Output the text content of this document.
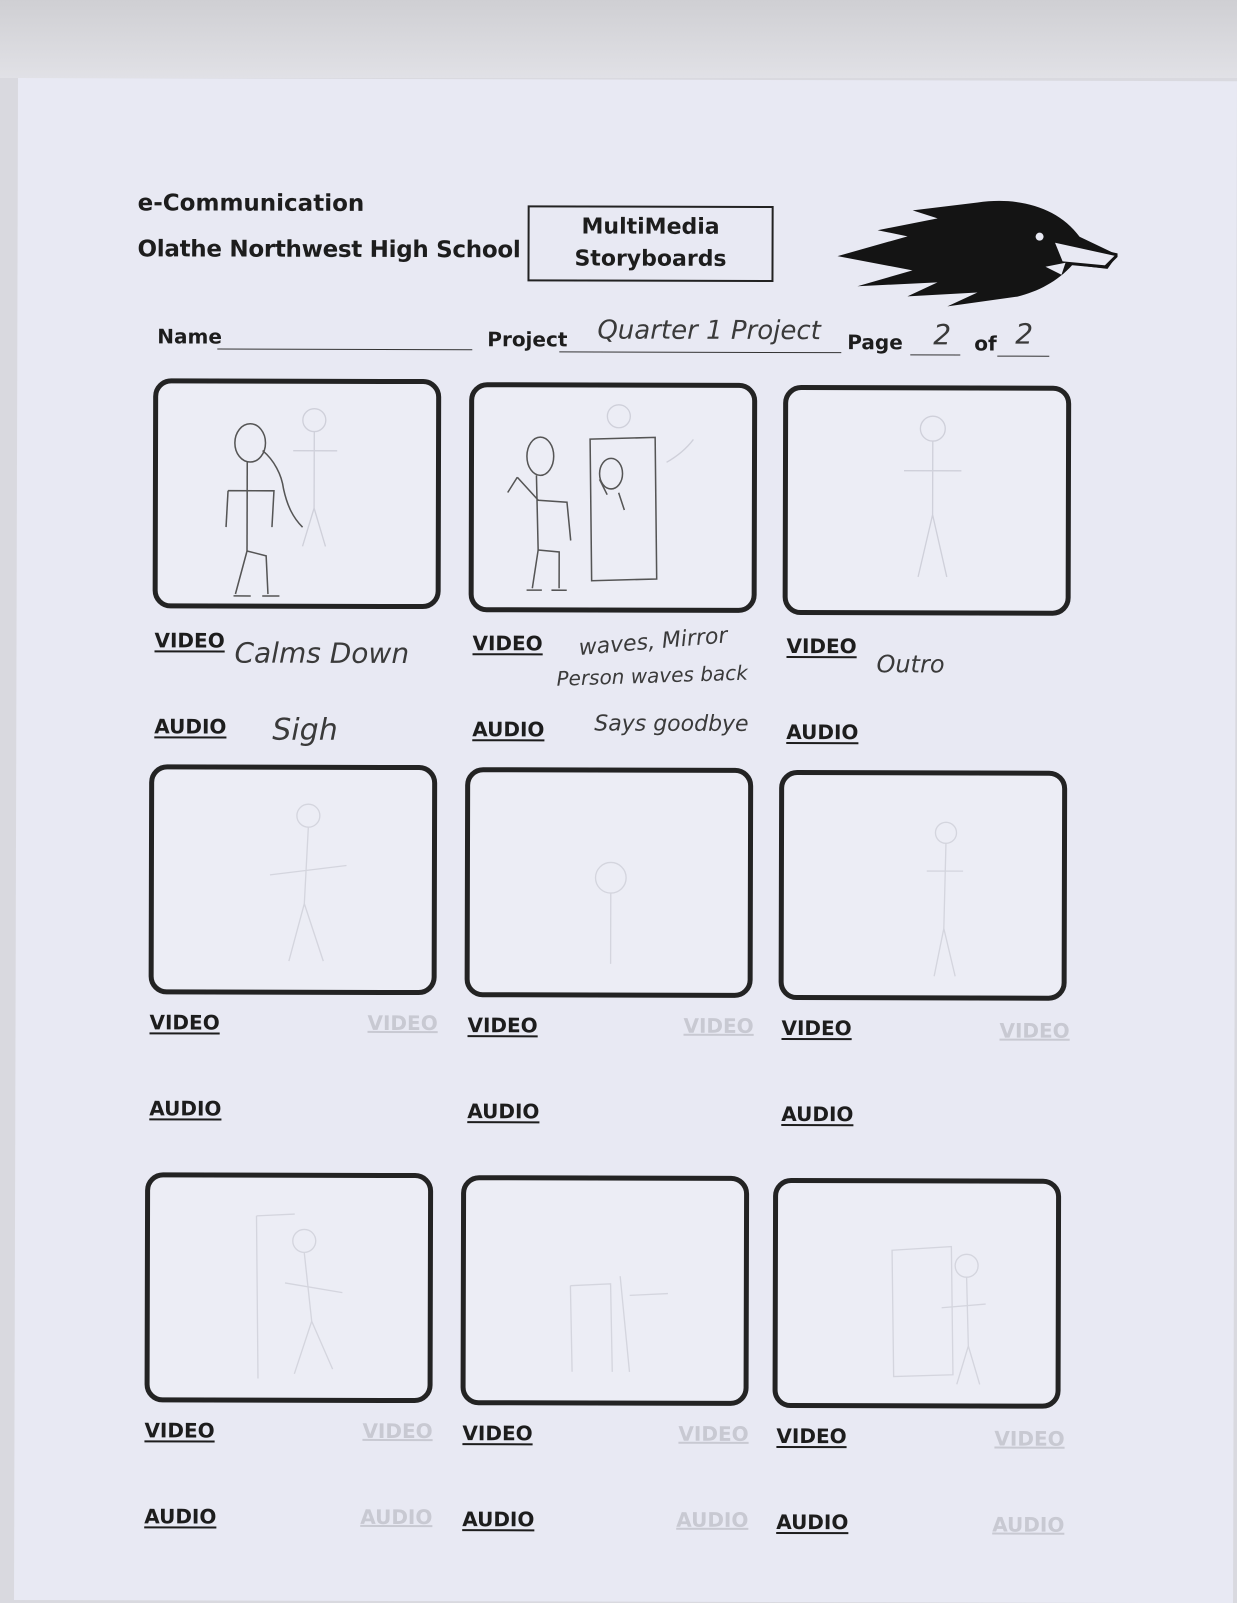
e-Communication
Olathe Northwest High School
MultiMedia
Storyboards
Name	Project Quarter 1 Project Page 2 of 2
VIDEO Calms Down
AUDIO Sigh
VIDEO waves, Mirror
Person waves back
AUDIO Says goodbye
VIDEO
Outro
AUDIO
VIDEO
AUDIO
VIDEO
AUDIO
VIDEO
AUDIO
VIDEO	VIDEO	VIDEO
VIDEO
AUDIO
VIDEO
AUDIO
VIDEO
AUDIO
VIDEO	VIDEO	VIDEO
AUDIO	AUDIO	AUDIO
